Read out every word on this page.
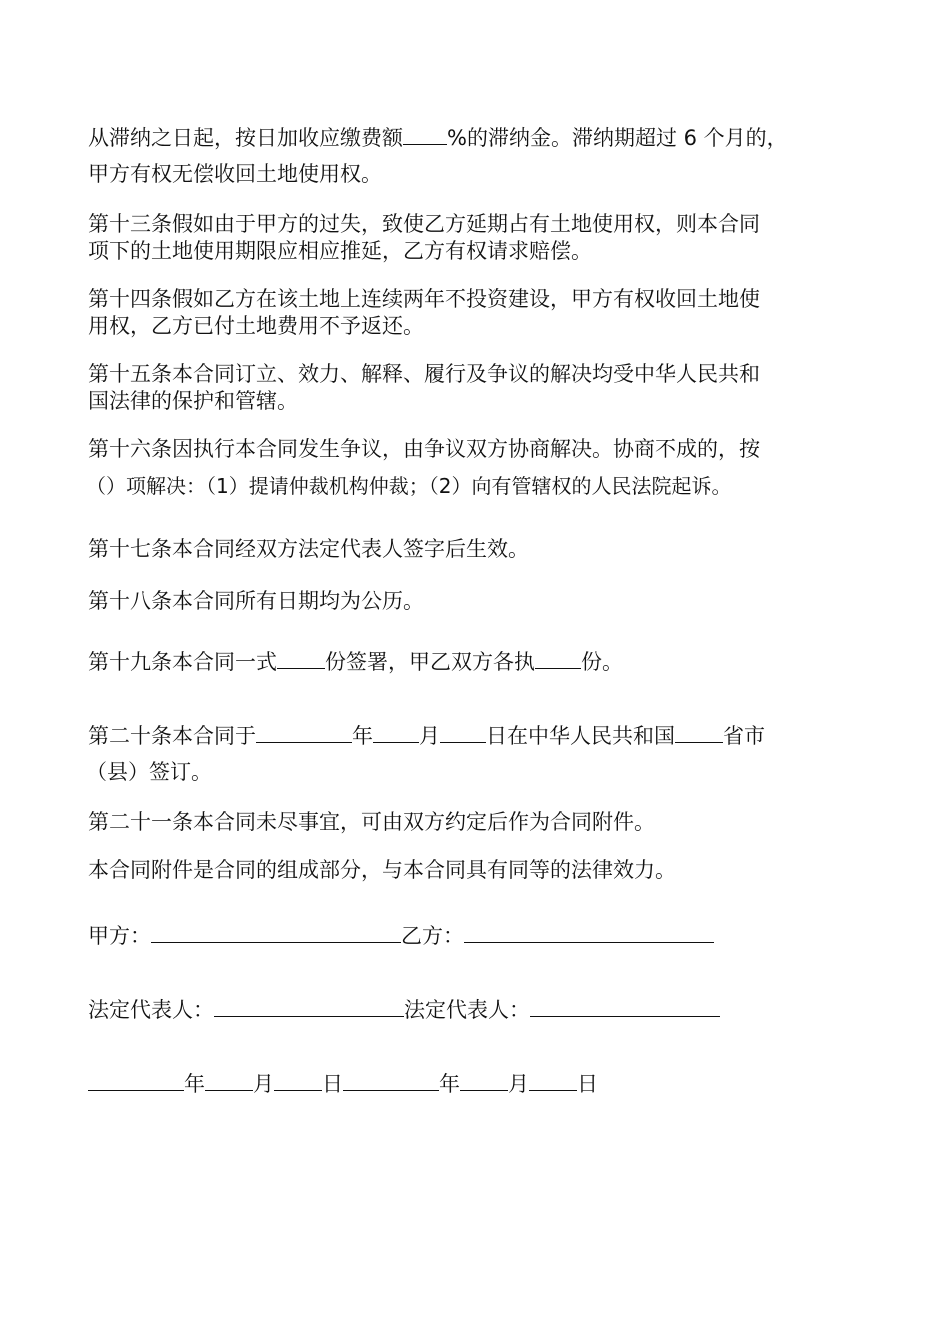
从滞纳之日起，按日加收应缴费额 %的滞纳金。滞纳期超过 6 个月的，

甲方有权无偿收回土地使用权。

第十三条假如由于甲方的过失，致使乙方延期占有土地使用权，则本合同

项下的土地使用期限应相应推延，乙方有权请求赔偿。

第十四条假如乙方在该土地上连续两年不投资建设，甲方有权收回土地使

用权，乙方已付土地费用不予返还。

第十五条本合同订立、效力、解释、履行及争议的解决均受中华人民共和

国法律的保护和管辖。

第十六条因执行本合同发生争议，由争议双方协商解决。协商不成的，按

（）项解决：（1）提请仲裁机构仲裁；（2）向有管辖权的人民法院起诉。

第十七条本合同经双方法定代表人签字后生效。

第十八条本合同所有日期均为公历。

第十九条本合同一式 份签署，甲乙双方各执 份。

第二十条本合同于	年 月 日在中华人民共和国 省市

（县）签订。

第二十一条本合同未尽事宜，可由双方约定后作为合同附件。

本合同附件是合同的组成部分，与本合同具有同等的法律效力。

甲方：	乙方：

法定代表人：	法定代表人：

年 月 日	年 月 日
